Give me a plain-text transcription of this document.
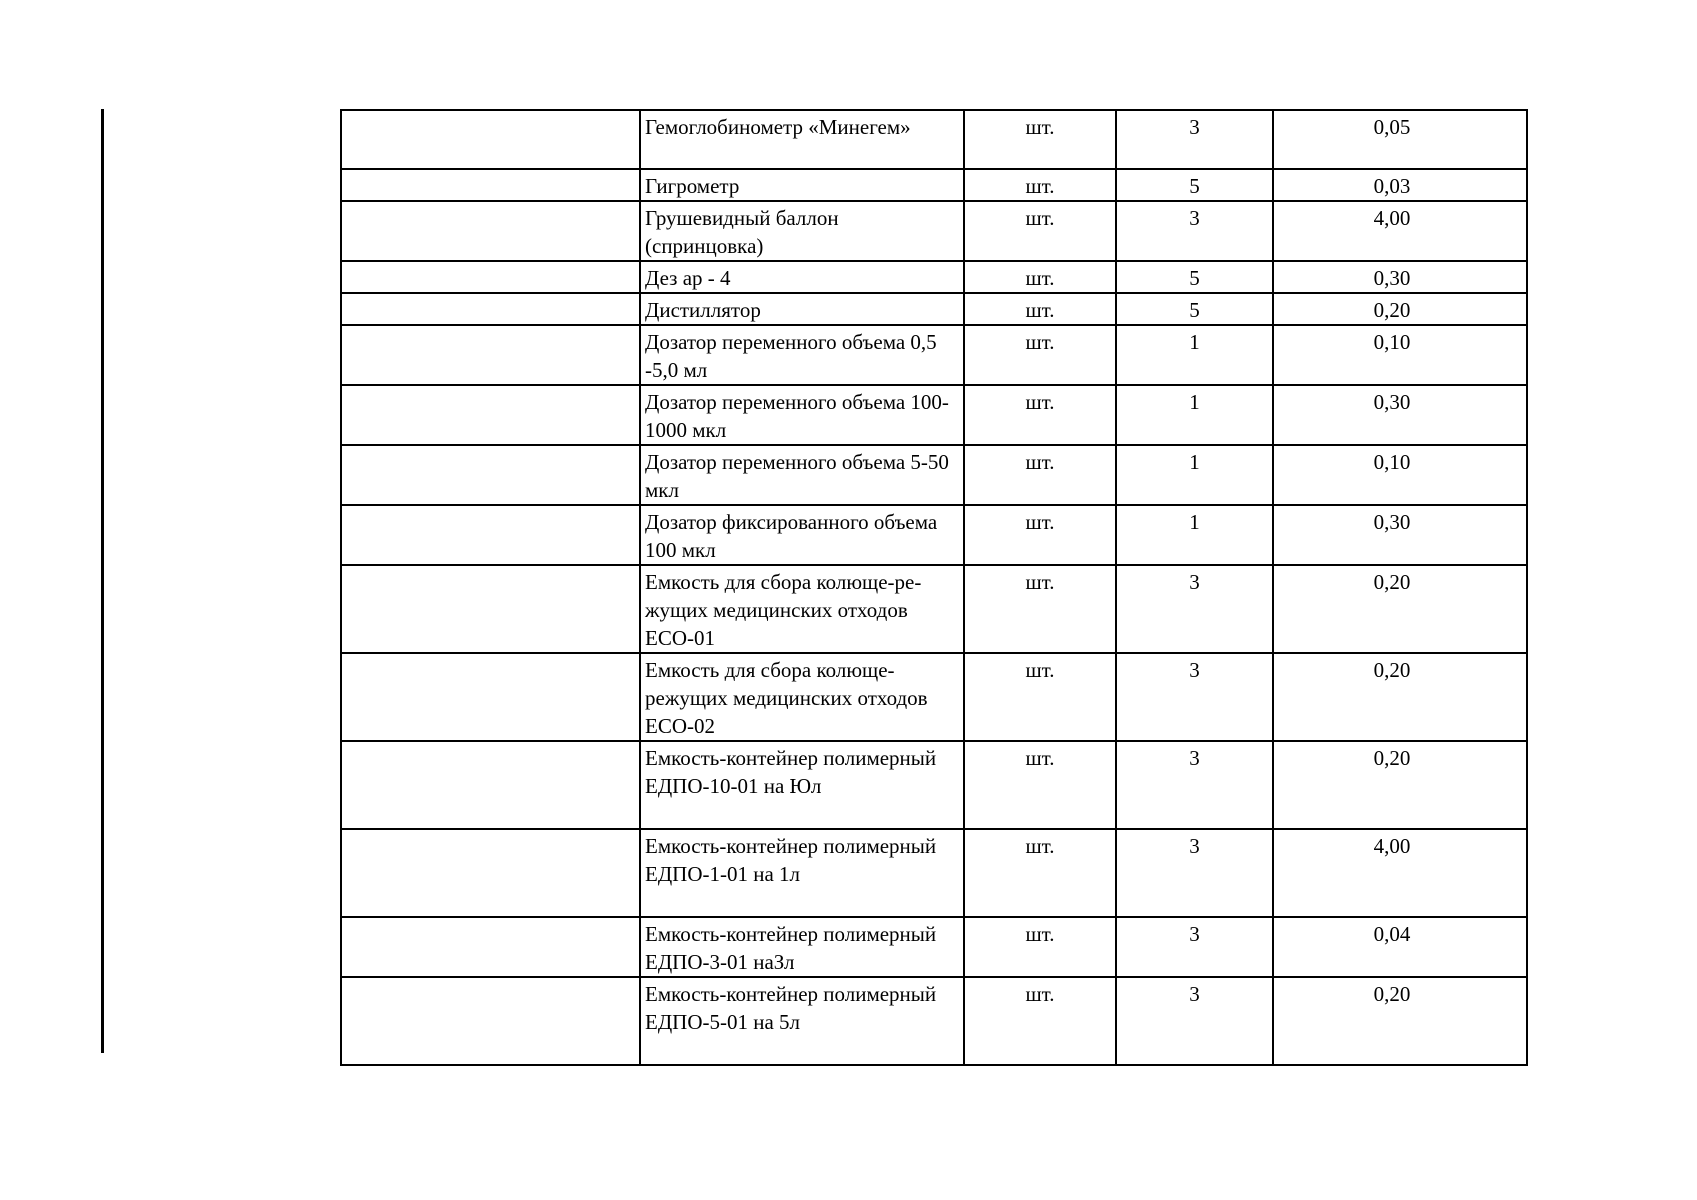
	Гемоглобинометр «Минегем»	шт.	3	0,05
	Гигрометр	шт.	5	0,03
	Грушевидный баллон (спринцовка)	шт.	3	4,00
	Дез ар - 4	шт.	5	0,30
	Дистиллятор	шт.	5	0,20
	Дозатор переменного объема 0,5 -5,0 мл	шт.	1	0,10
	Дозатор переменного объема 100-1000 мкл	шт.	1	0,30
	Дозатор переменного объема 5-50 мкл	шт.	1	0,10
	Дозатор фиксированного объема 100 мкл	шт.	1	0,30
	Емкость для сбора колюще-ре-жущих медицинских отходов ЕСО-01	шт.	3	0,20
	Емкость для сбора колюще-режущих медицинских отходов ЕСО-02	шт.	3	0,20
	Емкость-контейнер полимерный ЕДПО-10-01 на Юл	шт.	3	0,20
	Емкость-контейнер полимерный ЕДПО-1-01 на 1л	шт.	3	4,00
	Емкость-контейнер полимерный ЕДПО-3-01 наЗл	шт.	3	0,04
	Емкость-контейнер полимерный ЕДПО-5-01 на 5л	шт.	3	0,20
